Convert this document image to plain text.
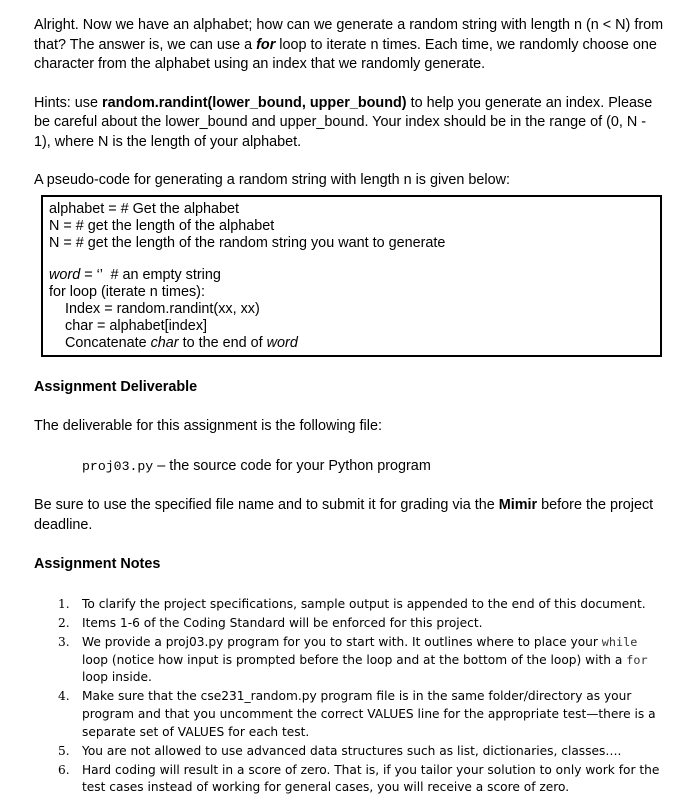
Alright. Now we have an alphabet; how can we generate a random string with length n (n < N) from that? The answer is, we can use a for loop to iterate n times. Each time, we randomly choose one character from the alphabet using an index that we randomly generate.

Hints: use random.randint(lower_bound, upper_bound) to help you generate an index. Please be careful about the lower_bound and upper_bound. Your index should be in the range of (0, N - 1), where N is the length of your alphabet.

A pseudo-code for generating a random string with length n is given below:

alphabet = # Get the alphabet
N = # get the length of the alphabet
N = # get the length of the random string you want to generate
word = ‘’  # an empty string
for loop (iterate n times):
Index = random.randint(xx, xx)
char = alphabet[index]
Concatenate char to the end of word
Assignment Deliverable
The deliverable for this assignment is the following file:
proj03.py – the source code for your Python program
Be sure to use the specified file name and to submit it for grading via the Mimir before the project deadline.
Assignment Notes
1. To clarify the project specifications, sample output is appended to the end of this document.
2. Items 1-6 of the Coding Standard will be enforced for this project.
3. We provide a proj03.py program for you to start with. It outlines where to place your while loop (notice how input is prompted before the loop and at the bottom of the loop) with a for loop inside.
4. Make sure that the cse231_random.py program file is in the same folder/directory as your program and that you uncomment the correct VALUES line for the appropriate test—there is a separate set of VALUES for each test.
5. You are not allowed to use advanced data structures such as list, dictionaries, classes….
6. Hard coding will result in a score of zero. That is, if you tailor your solution to only work for the test cases instead of working for general cases, you will receive a score of zero.
